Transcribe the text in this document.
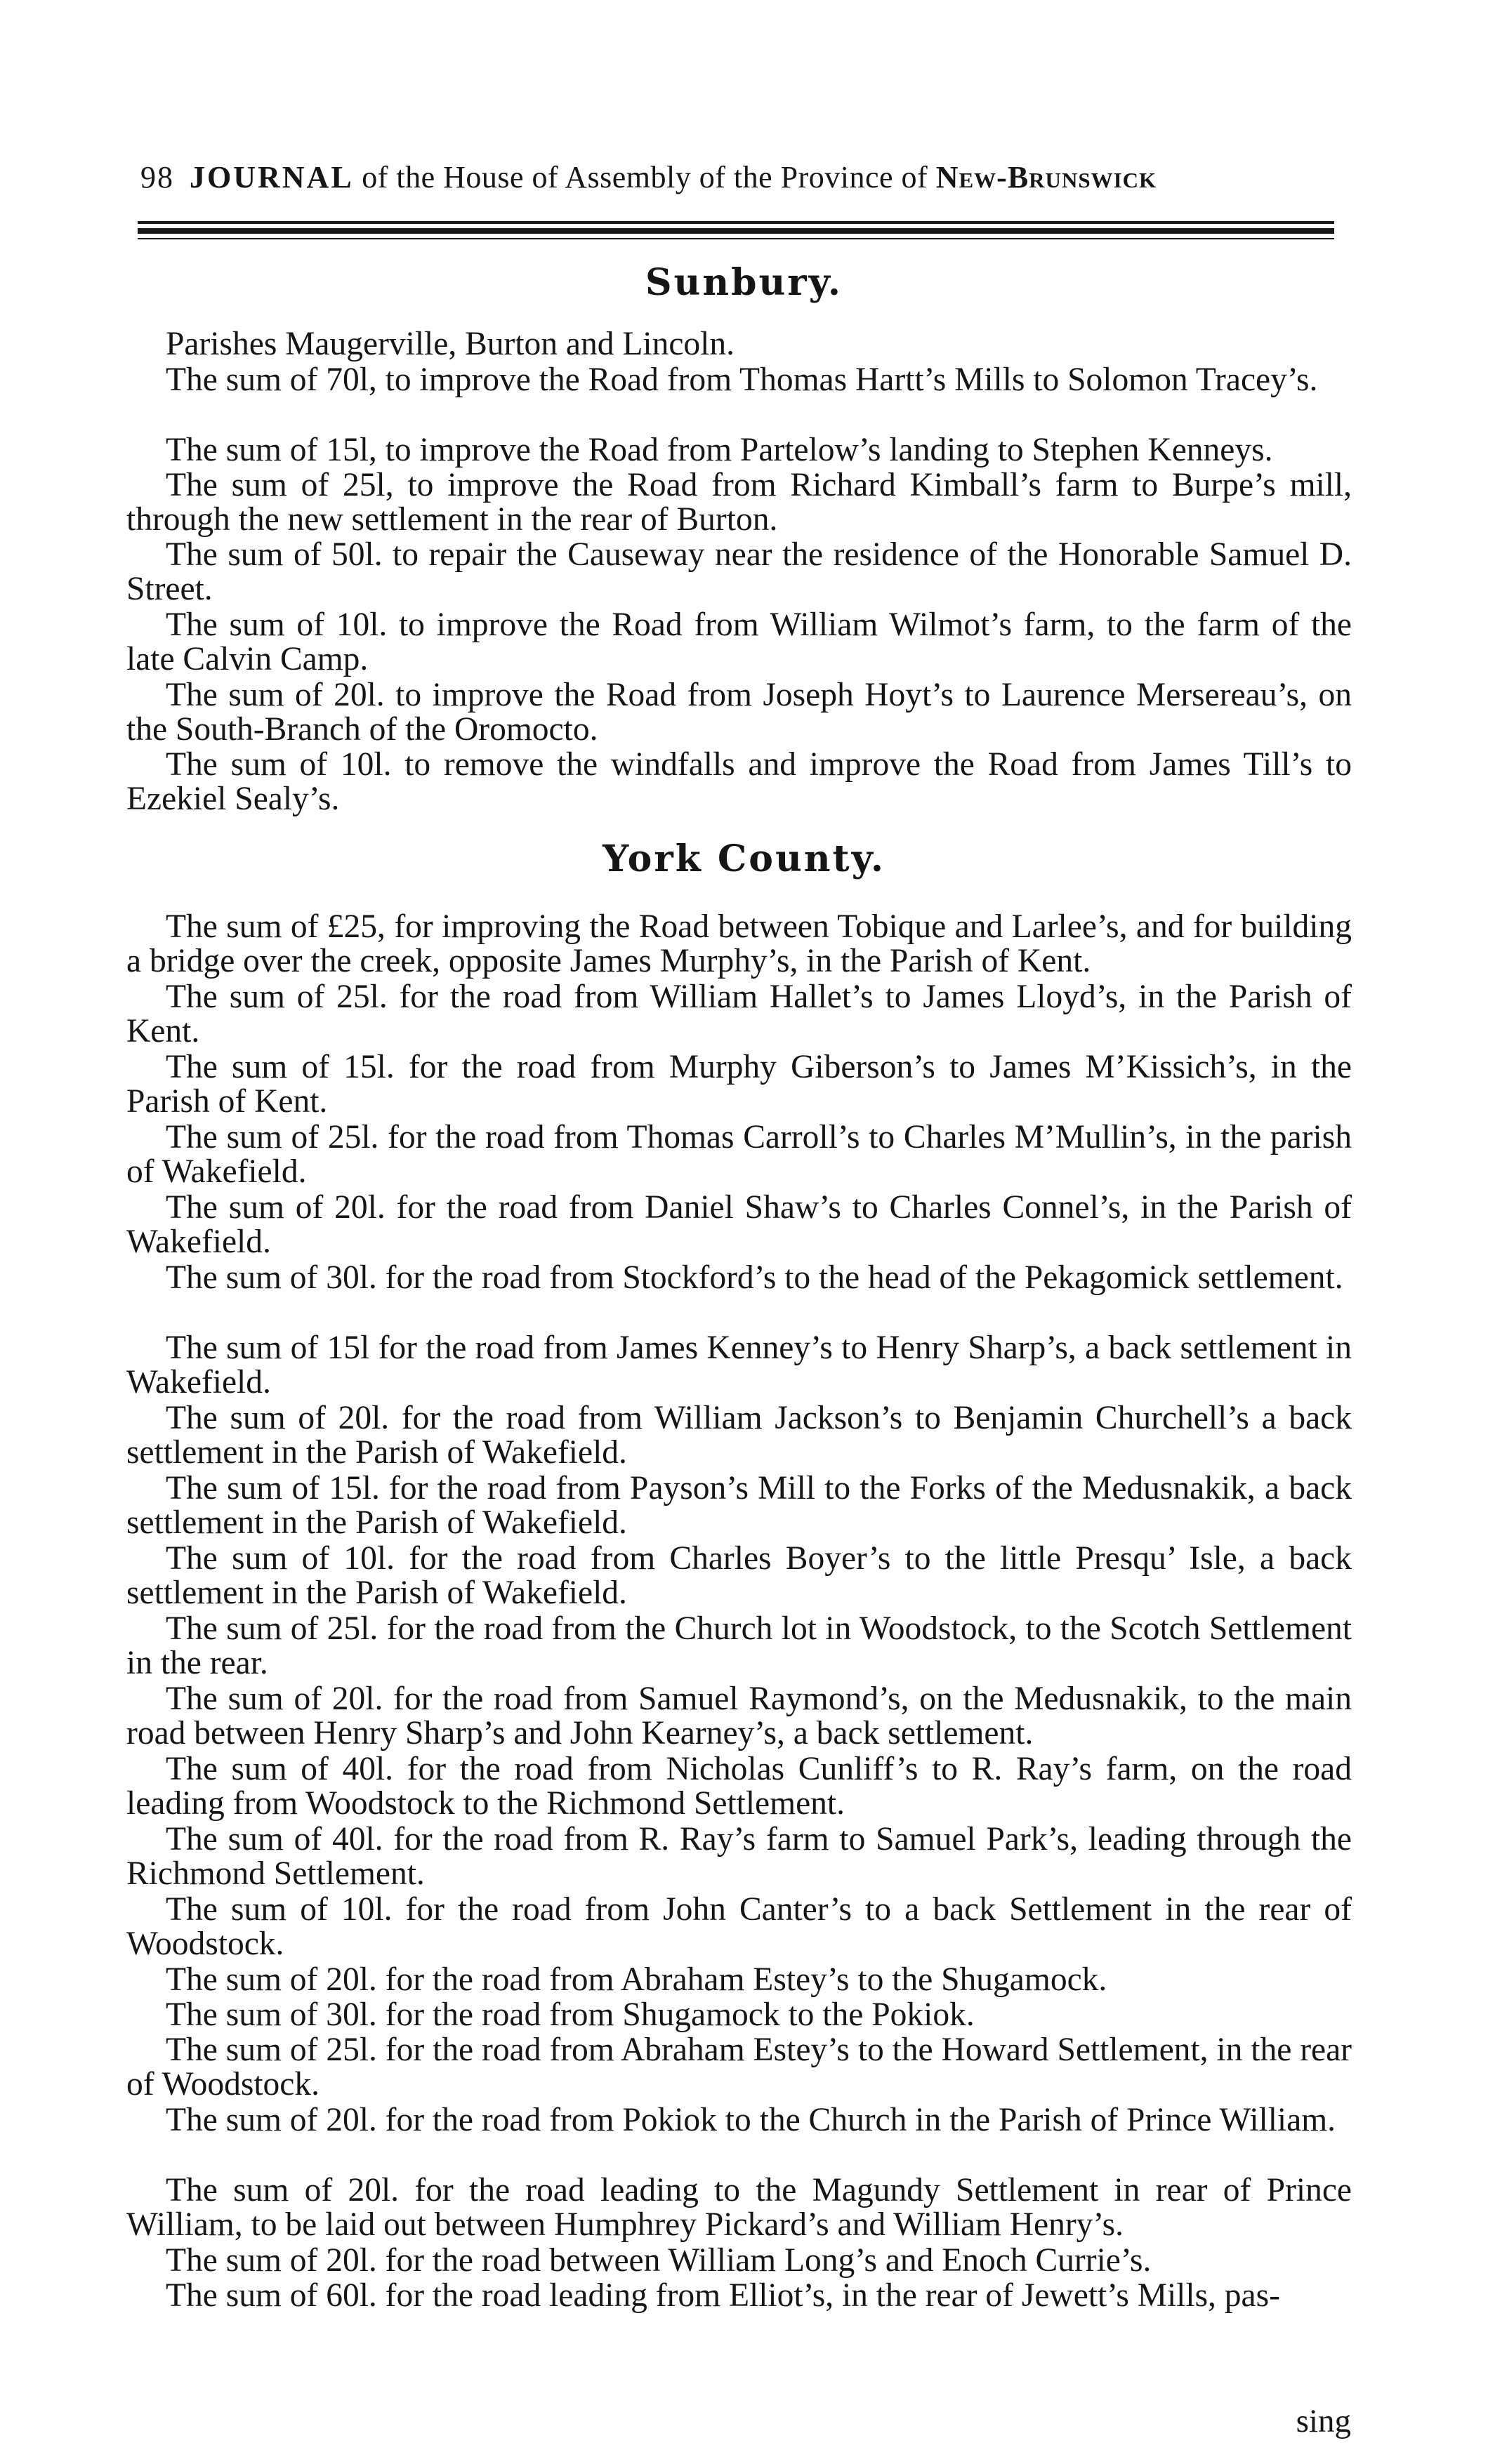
98 JOURNAL of the House of Assembly of the Province of New-Brunswick
Sunbury.

Parishes Maugerville, Burton and Lincoln.

The sum of 70l, to improve the Road from Thomas Hartt’s Mills to Solomon Tracey’s.

The sum of 15l, to improve the Road from Partelow’s landing to Stephen Kenneys.

The sum of 25l, to improve the Road from Richard Kimball’s farm to Burpe’s mill, through the new settlement in the rear of Burton.

The sum of 50l. to repair the Causeway near the residence of the Honorable Samuel D. Street.

The sum of 10l. to improve the Road from William Wilmot’s farm, to the farm of the late Calvin Camp.

The sum of 20l. to improve the Road from Joseph Hoyt’s to Laurence Mersereau’s, on the South-Branch of the Oromocto.

The sum of 10l. to remove the windfalls and improve the Road from James Till’s to Ezekiel Sealy’s.

York County.

The sum of £25, for improving the Road between Tobique and Larlee’s, and for building a bridge over the creek, opposite James Murphy’s, in the Parish of Kent.

The sum of 25l. for the road from William Hallet’s to James Lloyd’s, in the Parish of Kent.

The sum of 15l. for the road from Murphy Giberson’s to James M’Kissich’s, in the Parish of Kent.

The sum of 25l. for the road from Thomas Carroll’s to Charles M’Mullin’s, in the parish of Wakefield.

The sum of 20l. for the road from Daniel Shaw’s to Charles Connel’s, in the Parish of Wakefield.

The sum of 30l. for the road from Stockford’s to the head of the Pekagomick settlement.

The sum of 15l for the road from James Kenney’s to Henry Sharp’s, a back settlement in Wakefield.

The sum of 20l. for the road from William Jackson’s to Benjamin Churchell’s a back settlement in the Parish of Wakefield.

The sum of 15l. for the road from Payson’s Mill to the Forks of the Medusnakik, a back settlement in the Parish of Wakefield.

The sum of 10l. for the road from Charles Boyer’s to the little Presqu’ Isle, a back settlement in the Parish of Wakefield.

The sum of 25l. for the road from the Church lot in Woodstock, to the Scotch Settlement in the rear.

The sum of 20l. for the road from Samuel Raymond’s, on the Medusnakik, to the main road between Henry Sharp’s and John Kearney’s, a back settlement.

The sum of 40l. for the road from Nicholas Cunliff’s to R. Ray’s farm, on the road leading from Woodstock to the Richmond Settlement.

The sum of 40l. for the road from R. Ray’s farm to Samuel Park’s, leading through the Richmond Settlement.

The sum of 10l. for the road from John Canter’s to a back Settlement in the rear of Woodstock.

The sum of 20l. for the road from Abraham Estey’s to the Shugamock.

The sum of 30l. for the road from Shugamock to the Pokiok.

The sum of 25l. for the road from Abraham Estey’s to the Howard Settlement, in the rear of Woodstock.

The sum of 20l. for the road from Pokiok to the Church in the Parish of Prince William.

The sum of 20l. for the road leading to the Magundy Settlement in rear of Prince William, to be laid out between Humphrey Pickard’s and William Henry’s.

The sum of 20l. for the road between William Long’s and Enoch Currie’s.

The sum of 60l. for the road leading from Elliot’s, in the rear of Jewett’s Mills, pas-

sing
